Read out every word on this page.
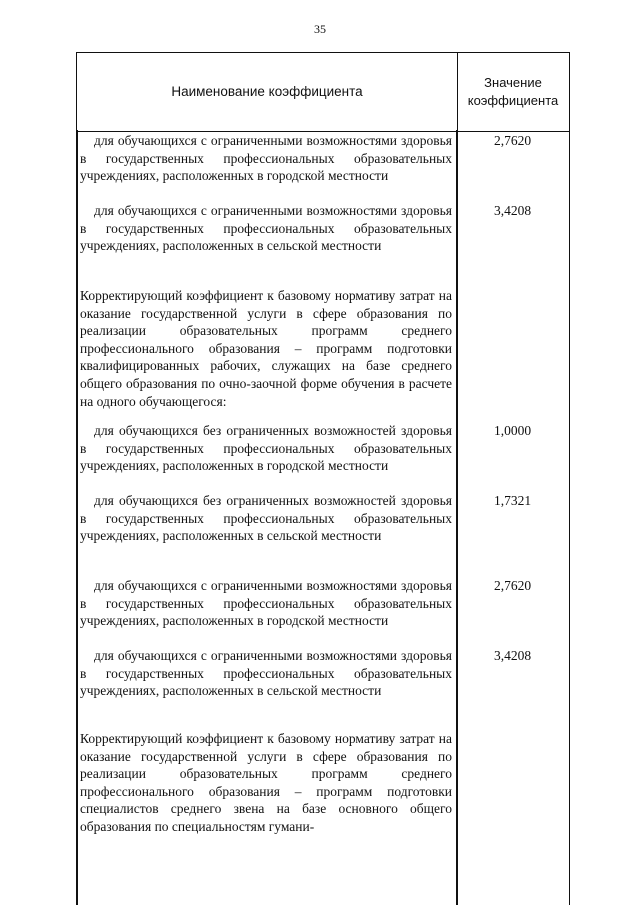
35
Наименование коэффициента
Значение
коэффициента
для обучающихся с ограниченными возможностями здоровья в государственных профессиональных образовательных учреждениях, расположенных в городской местности
2,7620
для обучающихся с ограниченными возможностями здоровья в государственных профессиональных образовательных учреждениях, расположенных в сельской местности
3,4208
Корректирующий коэффициент к базовому нормативу затрат на оказание государственной услуги в сфере образования по реализации образовательных программ среднего профессионального образования – программ подготовки квалифицированных рабочих, служащих на базе среднего общего образования по очно-заочной форме обучения в расчете на одного обучающегося:
для обучающихся без ограниченных возможностей здоровья в государственных профессиональных образовательных учреждениях, расположенных в городской местности
1,0000
для обучающихся без ограниченных возможностей здоровья в государственных профессиональных образовательных учреждениях, расположенных в сельской местности
1,7321
для обучающихся с ограниченными возможностями здоровья в государственных профессиональных образовательных учреждениях, расположенных в городской местности
2,7620
для обучающихся с ограниченными возможностями здоровья в государственных профессиональных образовательных учреждениях, расположенных в сельской местности
3,4208
Корректирующий коэффициент к базовому нормативу затрат на оказание государственной услуги в сфере образования по реализации образовательных программ среднего профессионального образования – программ подготовки специалистов среднего звена на базе основного общего образования по специальностям гумани-
